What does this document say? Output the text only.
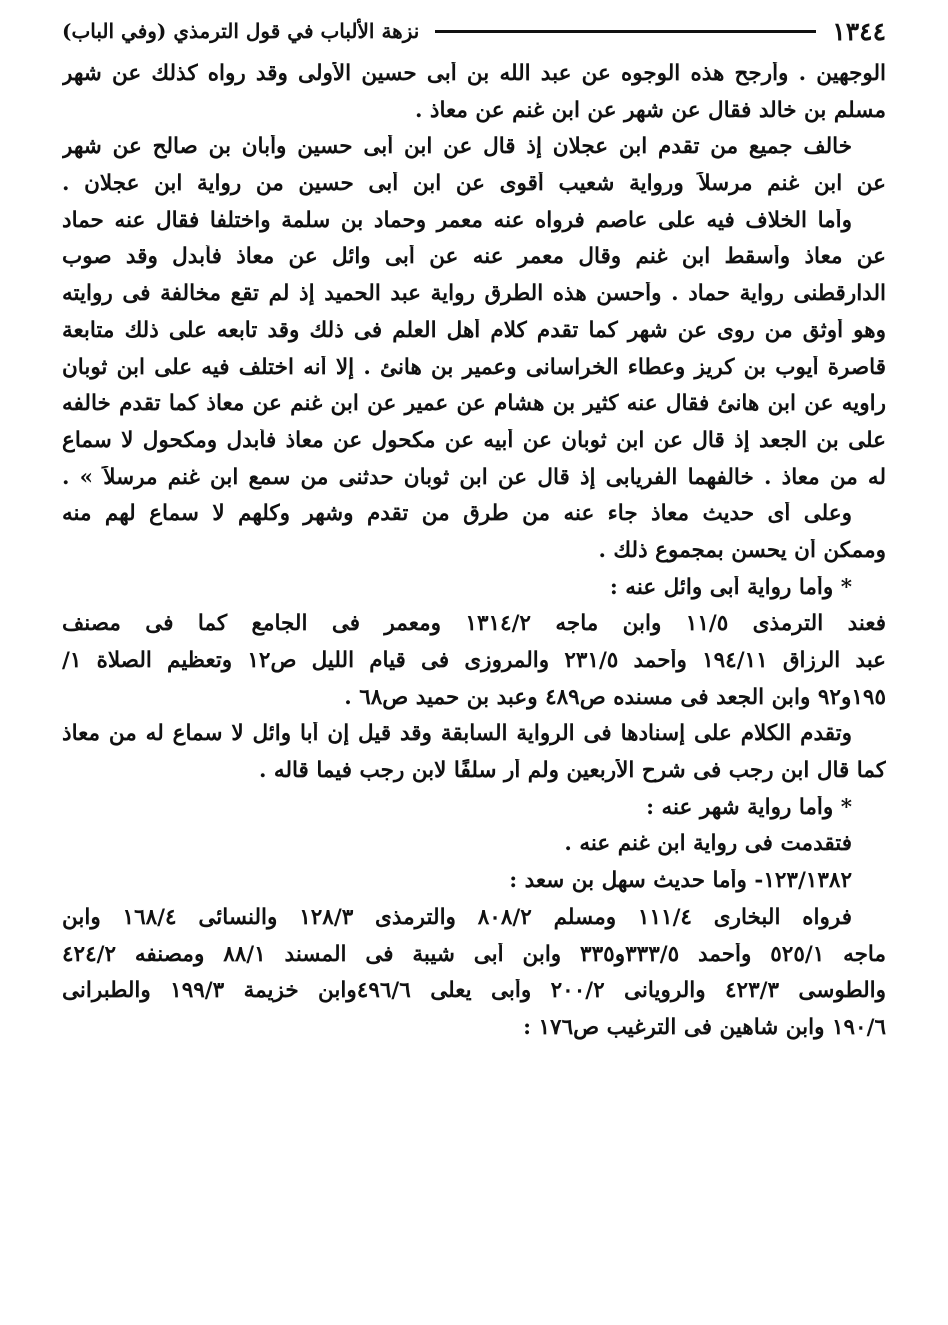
١٣٤٤
نزهة الألباب في قول الترمذي (وفي الباب)
الوجهين . وأرجح هذه الوجوه عن عبد الله بن أبى حسين الأولى وقد رواه كذلك عن شهر
مسلم بن خالد فقال عن شهر عن ابن غنم عن معاذ .
خالف جميع من تقدم ابن عجلان إذ قال عن ابن أبى حسين وأبان بن صالح عن شهر
عن ابن غنم مرسلاً ورواية شعيب أقوى عن ابن أبى حسين من رواية ابن عجلان .
وأما الخلاف فيه على عاصم فرواه عنه معمر وحماد بن سلمة واختلفا فقال عنه حماد
عن معاذ وأسقط ابن غنم وقال معمر عنه عن أبى وائل عن معاذ فأبدل وقد صوب
الدارقطنى رواية حماد . وأحسن هذه الطرق رواية عبد الحميد إذ لم تقع مخالفة فى روايته
وهو أوثق من روى عن شهر كما تقدم كلام أهل العلم فى ذلك وقد تابعه على ذلك متابعة
قاصرة أيوب بن كريز وعطاء الخراسانى وعمير بن هانئ . إلا أنه اختلف فيه على ابن ثوبان
راويه عن ابن هانئ فقال عنه كثير بن هشام عن عمير عن ابن غنم عن معاذ كما تقدم خالفه
على بن الجعد إذ قال عن ابن ثوبان عن أبيه عن مكحول عن معاذ فأبدل ومكحول لا سماع
له من معاذ . خالفهما الفريابى إذ قال عن ابن ثوبان حدثنى من سمع ابن غنم مرسلاً » .
وعلى أى حديث معاذ جاء عنه من طرق من تقدم وشهر وكلهم لا سماع لهم منه
وممكن أن يحسن بمجموع ذلك .
* وأما رواية أبى وائل عنه :
فعند الترمذى ١١/٥ وابن ماجه ١٣١٤/٢ ومعمر فى الجامع كما فى مصنف
عبد الرزاق ١٩٤/١١ وأحمد ٢٣١/٥ والمروزى فى قيام الليل ص١٢ وتعظيم الصلاة ١/
١٩٥و٩٢ وابن الجعد فى مسنده ص٤٨٩ وعبد بن حميد ص٦٨ .
وتقدم الكلام على إسنادها فى الرواية السابقة وقد قيل إن أبا وائل لا سماع له من معاذ
كما قال ابن رجب فى شرح الأربعين ولم أر سلفًا لابن رجب فيما قاله .
* وأما رواية شهر عنه :
فتقدمت فى رواية ابن غنم عنه .
١٢٣/١٣٨٢- وأما حديث سهل بن سعد :
فرواه البخارى ١١١/٤ ومسلم ٨٠٨/٢ والترمذى ١٢٨/٣ والنسائى ١٦٨/٤ وابن
ماجه ٥٢٥/١ وأحمد ٣٣٣/٥و٣٣٥ وابن أبى شيبة فى المسند ٨٨/١ ومصنفه ٤٢٤/٢
والطوسى ٤٢٣/٣ والرويانى ٢٠٠/٢ وأبى يعلى ٤٩٦/٦وابن خزيمة ١٩٩/٣ والطبرانى
١٩٠/٦ وابن شاهين فى الترغيب ص١٧٦ :
